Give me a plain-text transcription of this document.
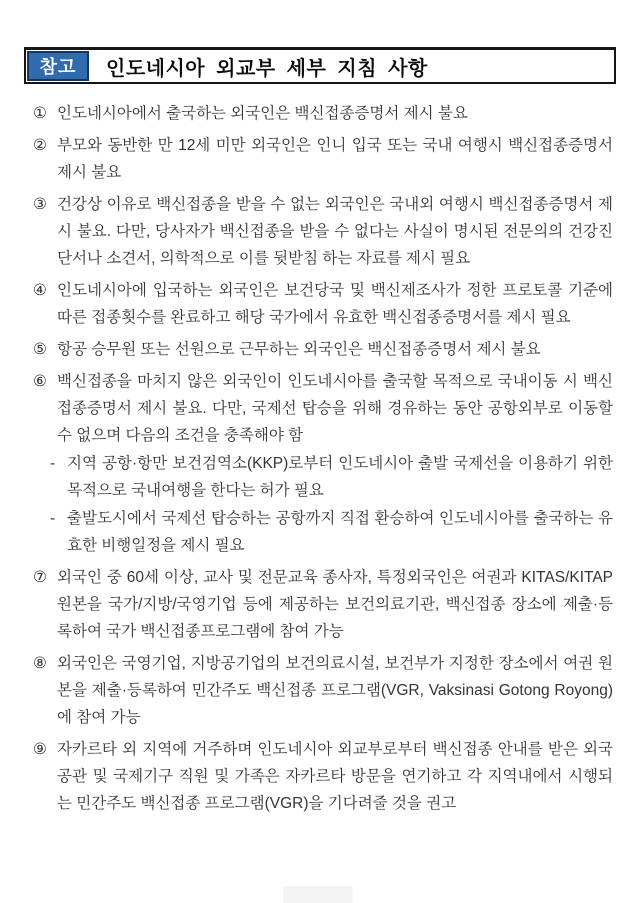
참고	인도네시아 외교부 세부 지침 사항
① 인도네시아에서 출국하는 외국인은 백신접종증명서 제시 불요
② 부모와 동반한 만 12세 미만 외국인은 인니 입국 또는 국내 여행시 백신접종증명서 제시 불요
③ 건강상 이유로 백신접종을 받을 수 없는 외국인은 국내외 여행시 백신접종증명서 제시 불요. 다만, 당사자가 백신접종을 받을 수 없다는 사실이 명시된 전문의의 건강진단서나 소견서, 의학적으로 이를 뒷받침 하는 자료를 제시 필요
④ 인도네시아에 입국하는 외국인은 보건당국 및 백신제조사가 정한 프로토콜 기준에 따른 접종횟수를 완료하고 해당 국가에서 유효한 백신접종증명서를 제시 필요
⑤ 항공 승무원 또는 선원으로 근무하는 외국인은 백신접종증명서 제시 불요
⑥ 백신접종을 마치지 않은 외국인이 인도네시아를 출국할 목적으로 국내이동 시 백신접종증명서 제시 불요. 다만, 국제선 탑승을 위해 경유하는 동안 공항외부로 이동할 수 없으며 다음의 조건을 충족해야 함
- 지역 공항·항만 보건검역소(KKP)로부터 인도네시아 출발 국제선을 이용하기 위한 목적으로 국내여행을 한다는 허가 필요
- 출발도시에서 국제선 탑승하는 공항까지 직접 환승하여 인도네시아를 출국하는 유효한 비행일정을 제시 필요
⑦ 외국인 중 60세 이상, 교사 및 전문교육 종사자, 특정외국인은 여권과 KITAS/KITAP 원본을 국가/지방/국영기업 등에 제공하는 보건의료기관, 백신접종 장소에 제출·등록하여 국가 백신접종프로그램에 참여 가능
⑧ 외국인은 국영기업, 지방공기업의 보건의료시설, 보건부가 지정한 장소에서 여권 원본을 제출·등록하여 민간주도 백신접종 프로그램(VGR, Vaksinasi Gotong Royong)에 참여 가능
⑨ 자카르타 외 지역에 거주하며 인도네시아 외교부로부터 백신접종 안내를 받은 외국 공관 및 국제기구 직원 및 가족은 자카르타 방문을 연기하고 각 지역내에서 시행되는 민간주도 백신접종 프로그램(VGR)을 기다려줄 것을 권고
